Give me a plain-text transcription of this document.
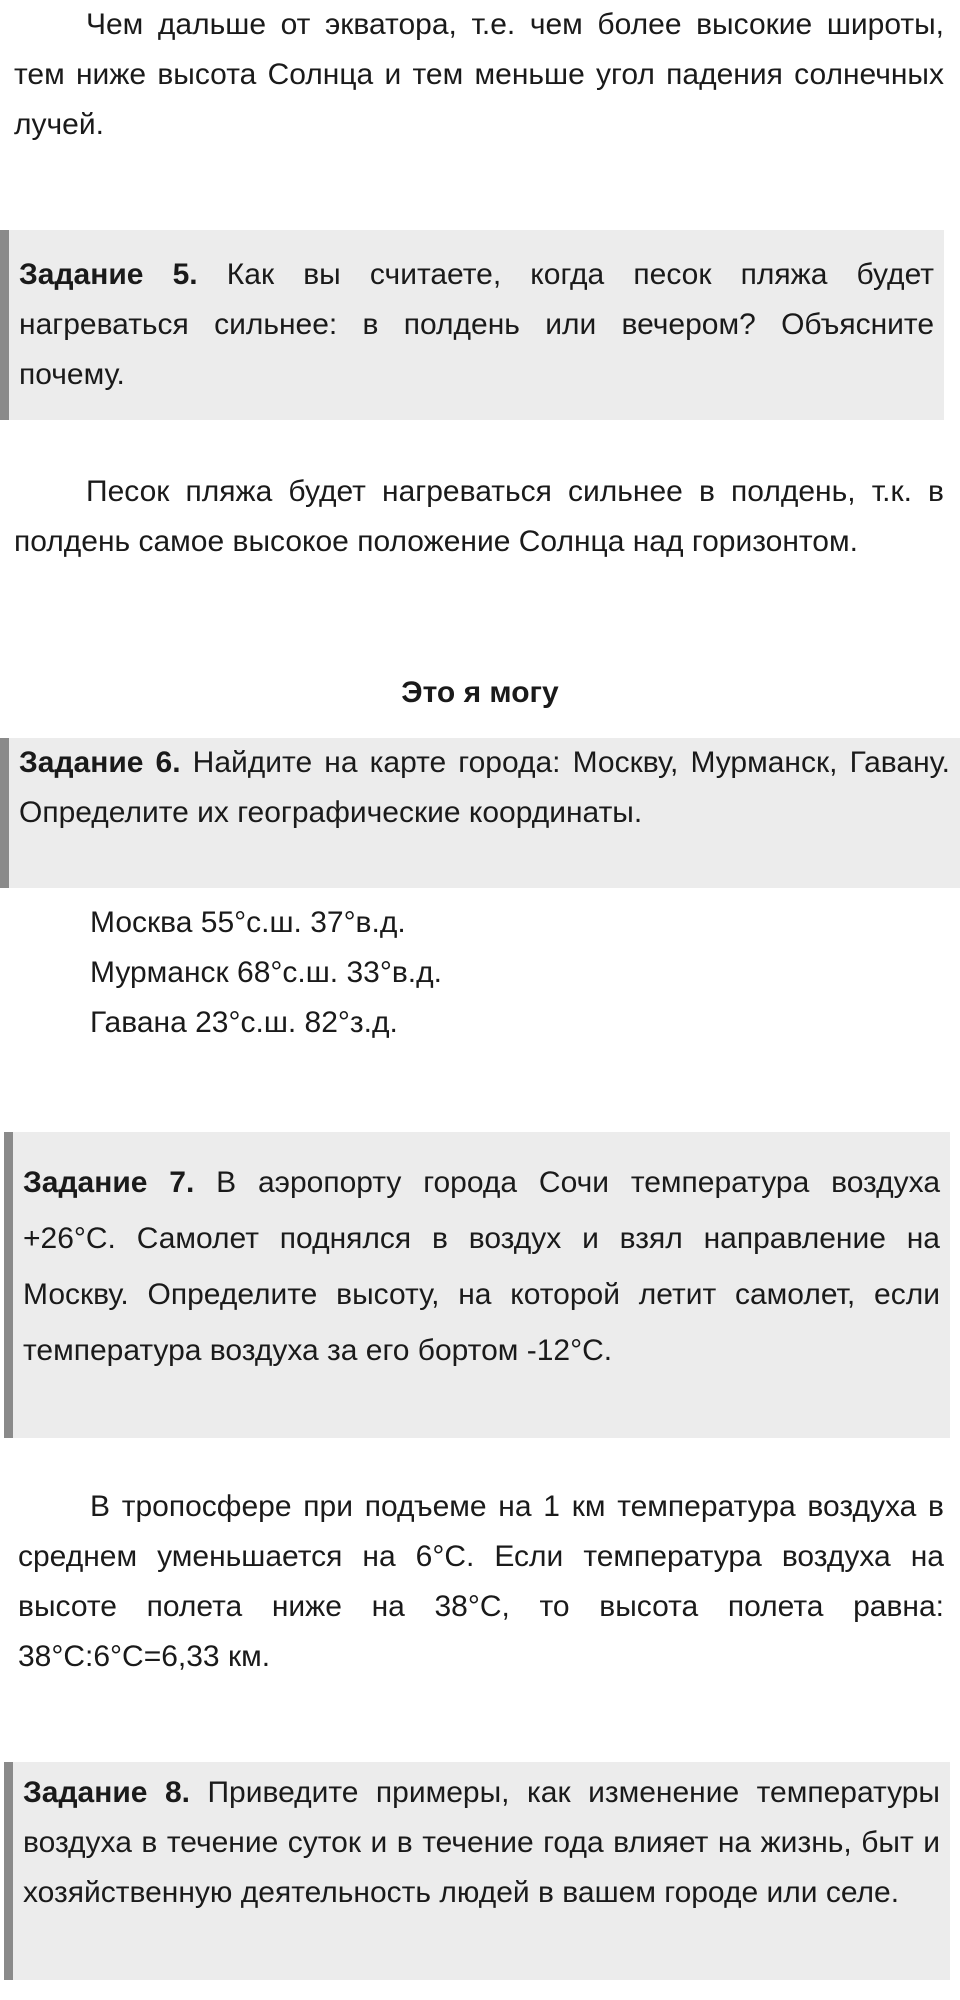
Чем дальше от экватора, т.е. чем более высокие широты, тем ниже высота Солнца и тем меньше угол падения солнечных лучей.

Задание 5. Как вы считаете, когда песок пляжа будет нагреваться сильнее: в полдень или вечером? Объясните почему.

Песок пляжа будет нагреваться сильнее в полдень, т.к. в полдень самое высокое положение Солнца над горизонтом.

Это я могу

Задание 6. Найдите на карте города: Москву, Мурманск, Гавану. Определите их географические координаты.

Москва 55°с.ш. 37°в.д.
Мурманск 68°с.ш. 33°в.д.
Гавана 23°с.ш. 82°з.д.

Задание 7. В аэропорту города Сочи температура воздуха +26°С. Самолет поднялся в воздух и взял направление на Москву. Определите высоту, на которой летит самолет, если температура воздуха за его бортом -12°С.

В тропосфере при подъеме на 1 км температура воздуха в среднем уменьшается на 6°С. Если температура воздуха на высоте полета ниже на 38°С, то высота полета равна: 38°С:6°С=6,33 км.

Задание 8. Приведите примеры, как изменение температуры воздуха в течение суток и в течение года влияет на жизнь, быт и хозяйственную деятельность людей в вашем городе или селе.
